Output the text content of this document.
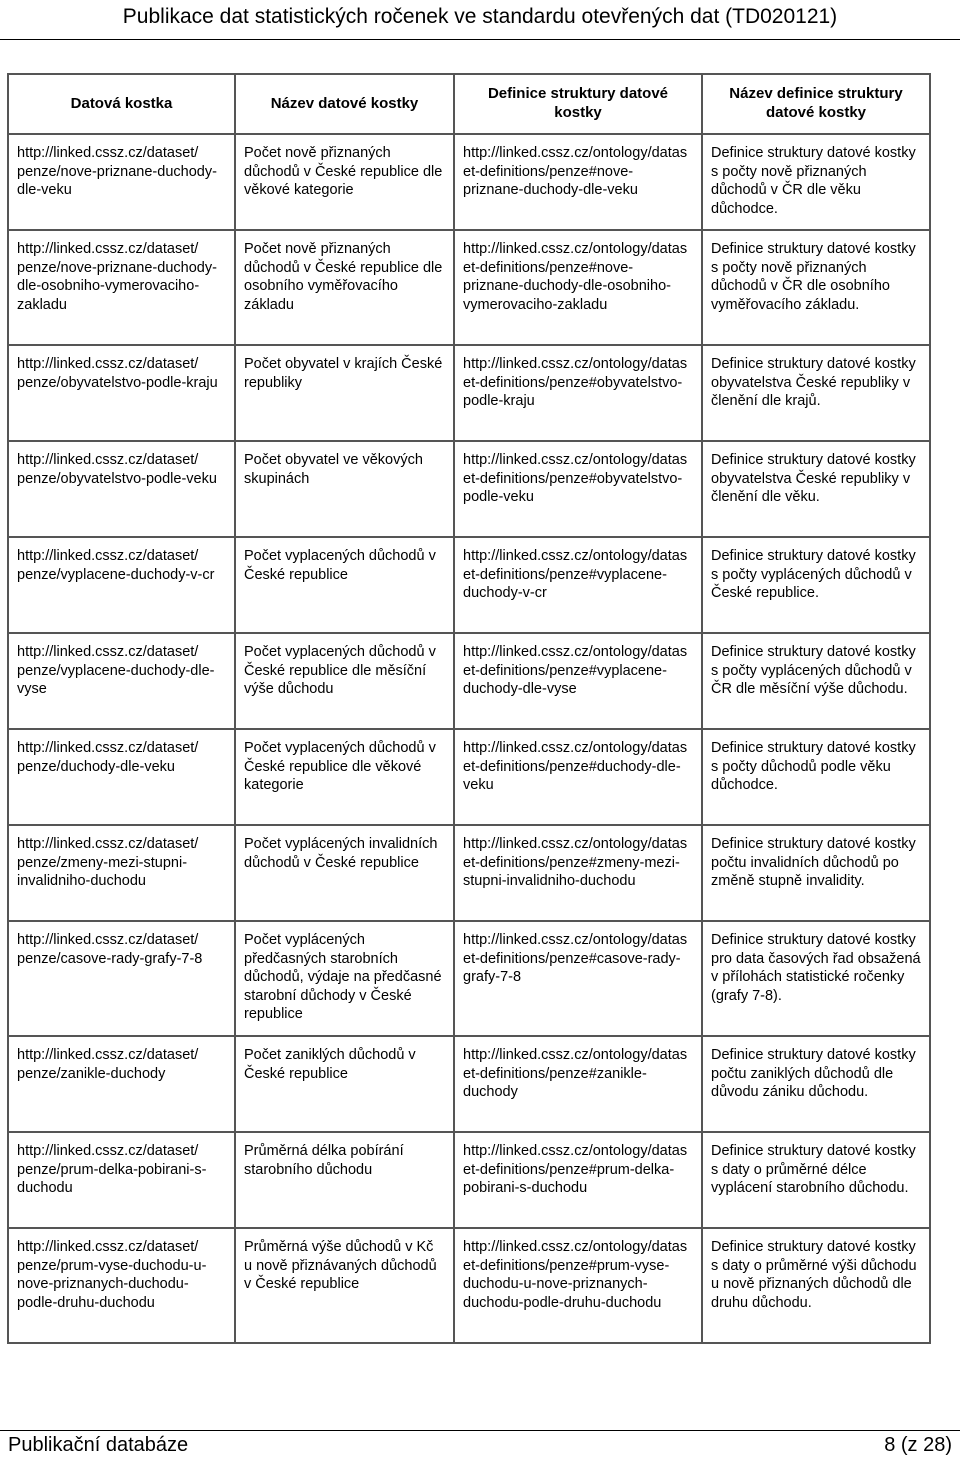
Publikace dat statistických ročenek ve standardu otevřených dat (TD020121)
Datová kostka	Název datové kostky	Definice struktury datové kostky	Název definice struktury datové kostky
http://linked.cssz.cz/dataset/ penze/nove-priznane-duchody-dle-veku	Počet nově přiznaných důchodů v České republice dle věkové kategorie	http://linked.cssz.cz/ontology/dataset-definitions/penze#nove-priznane-duchody-dle-veku	Definice struktury datové kostky s počty nově přiznaných důchodů v ČR dle věku důchodce.
http://linked.cssz.cz/dataset/ penze/nove-priznane-duchody-dle-osobniho-vymerovaciho-zakladu	Počet nově přiznaných důchodů v České republice dle osobního vyměřovacího základu	http://linked.cssz.cz/ontology/dataset-definitions/penze#nove-priznane-duchody-dle-osobniho-vymerovaciho-zakladu	Definice struktury datové kostky s počty nově přiznaných důchodů v ČR dle osobního vyměřovacího základu.
http://linked.cssz.cz/dataset/ penze/obyvatelstvo-podle-kraju	Počet obyvatel v krajích České republiky	http://linked.cssz.cz/ontology/dataset-definitions/penze#obyvatelstvo-podle-kraju	Definice struktury datové kostky obyvatelstva České republiky v členění dle krajů.
http://linked.cssz.cz/dataset/ penze/obyvatelstvo-podle-veku	Počet obyvatel ve věkových skupinách	http://linked.cssz.cz/ontology/dataset-definitions/penze#obyvatelstvo-podle-veku	Definice struktury datové kostky obyvatelstva České republiky v členění dle věku.
http://linked.cssz.cz/dataset/ penze/vyplacene-duchody-v-cr	Počet vyplacených důchodů v České republice	http://linked.cssz.cz/ontology/dataset-definitions/penze#vyplacene-duchody-v-cr	Definice struktury datové kostky s počty vyplácených důchodů v České republice.
http://linked.cssz.cz/dataset/ penze/vyplacene-duchody-dle-vyse	Počet vyplacených důchodů v České republice dle měsíční výše důchodu	http://linked.cssz.cz/ontology/dataset-definitions/penze#vyplacene-duchody-dle-vyse	Definice struktury datové kostky s počty vyplácených důchodů v ČR dle měsíční výše důchodu.
http://linked.cssz.cz/dataset/ penze/duchody-dle-veku	Počet vyplacených důchodů v České republice dle věkové kategorie	http://linked.cssz.cz/ontology/dataset-definitions/penze#duchody-dle-veku	Definice struktury datové kostky s počty důchodů podle věku důchodce.
http://linked.cssz.cz/dataset/ penze/zmeny-mezi-stupni-invalidniho-duchodu	Počet vyplácených invalidních důchodů v České republice	http://linked.cssz.cz/ontology/dataset-definitions/penze#zmeny-mezi-stupni-invalidniho-duchodu	Definice struktury datové kostky počtu invalidních důchodů po změně stupně invalidity.
http://linked.cssz.cz/dataset/ penze/casove-rady-grafy-7-8	Počet vyplácených předčasných starobních důchodů, výdaje na předčasné starobní důchody v České republice	http://linked.cssz.cz/ontology/dataset-definitions/penze#casove-rady-grafy-7-8	Definice struktury datové kostky pro data časových řad obsažená v přílohách statistické ročenky (grafy 7-8).
http://linked.cssz.cz/dataset/ penze/zanikle-duchody	Počet zaniklých důchodů v České republice	http://linked.cssz.cz/ontology/dataset-definitions/penze#zanikle-duchody	Definice struktury datové kostky počtu zaniklých důchodů dle důvodu zániku důchodu.
http://linked.cssz.cz/dataset/ penze/prum-delka-pobirani-s-duchodu	Průměrná délka pobírání starobního důchodu	http://linked.cssz.cz/ontology/dataset-definitions/penze#prum-delka-pobirani-s-duchodu	Definice struktury datové kostky s daty o průměrné délce vyplácení starobního důchodu.
http://linked.cssz.cz/dataset/ penze/prum-vyse-duchodu-u-nove-priznanych-duchodu-podle-druhu-duchodu	Průměrná výše důchodů v Kč u nově přiznávaných důchodů v České republice	http://linked.cssz.cz/ontology/dataset-definitions/penze#prum-vyse-duchodu-u-nove-priznanych-duchodu-podle-druhu-duchodu	Definice struktury datové kostky s daty o průměrné výši důchodu u nově přiznaných důchodů dle druhu důchodu.
Publikační databáze	8 (z 28)
